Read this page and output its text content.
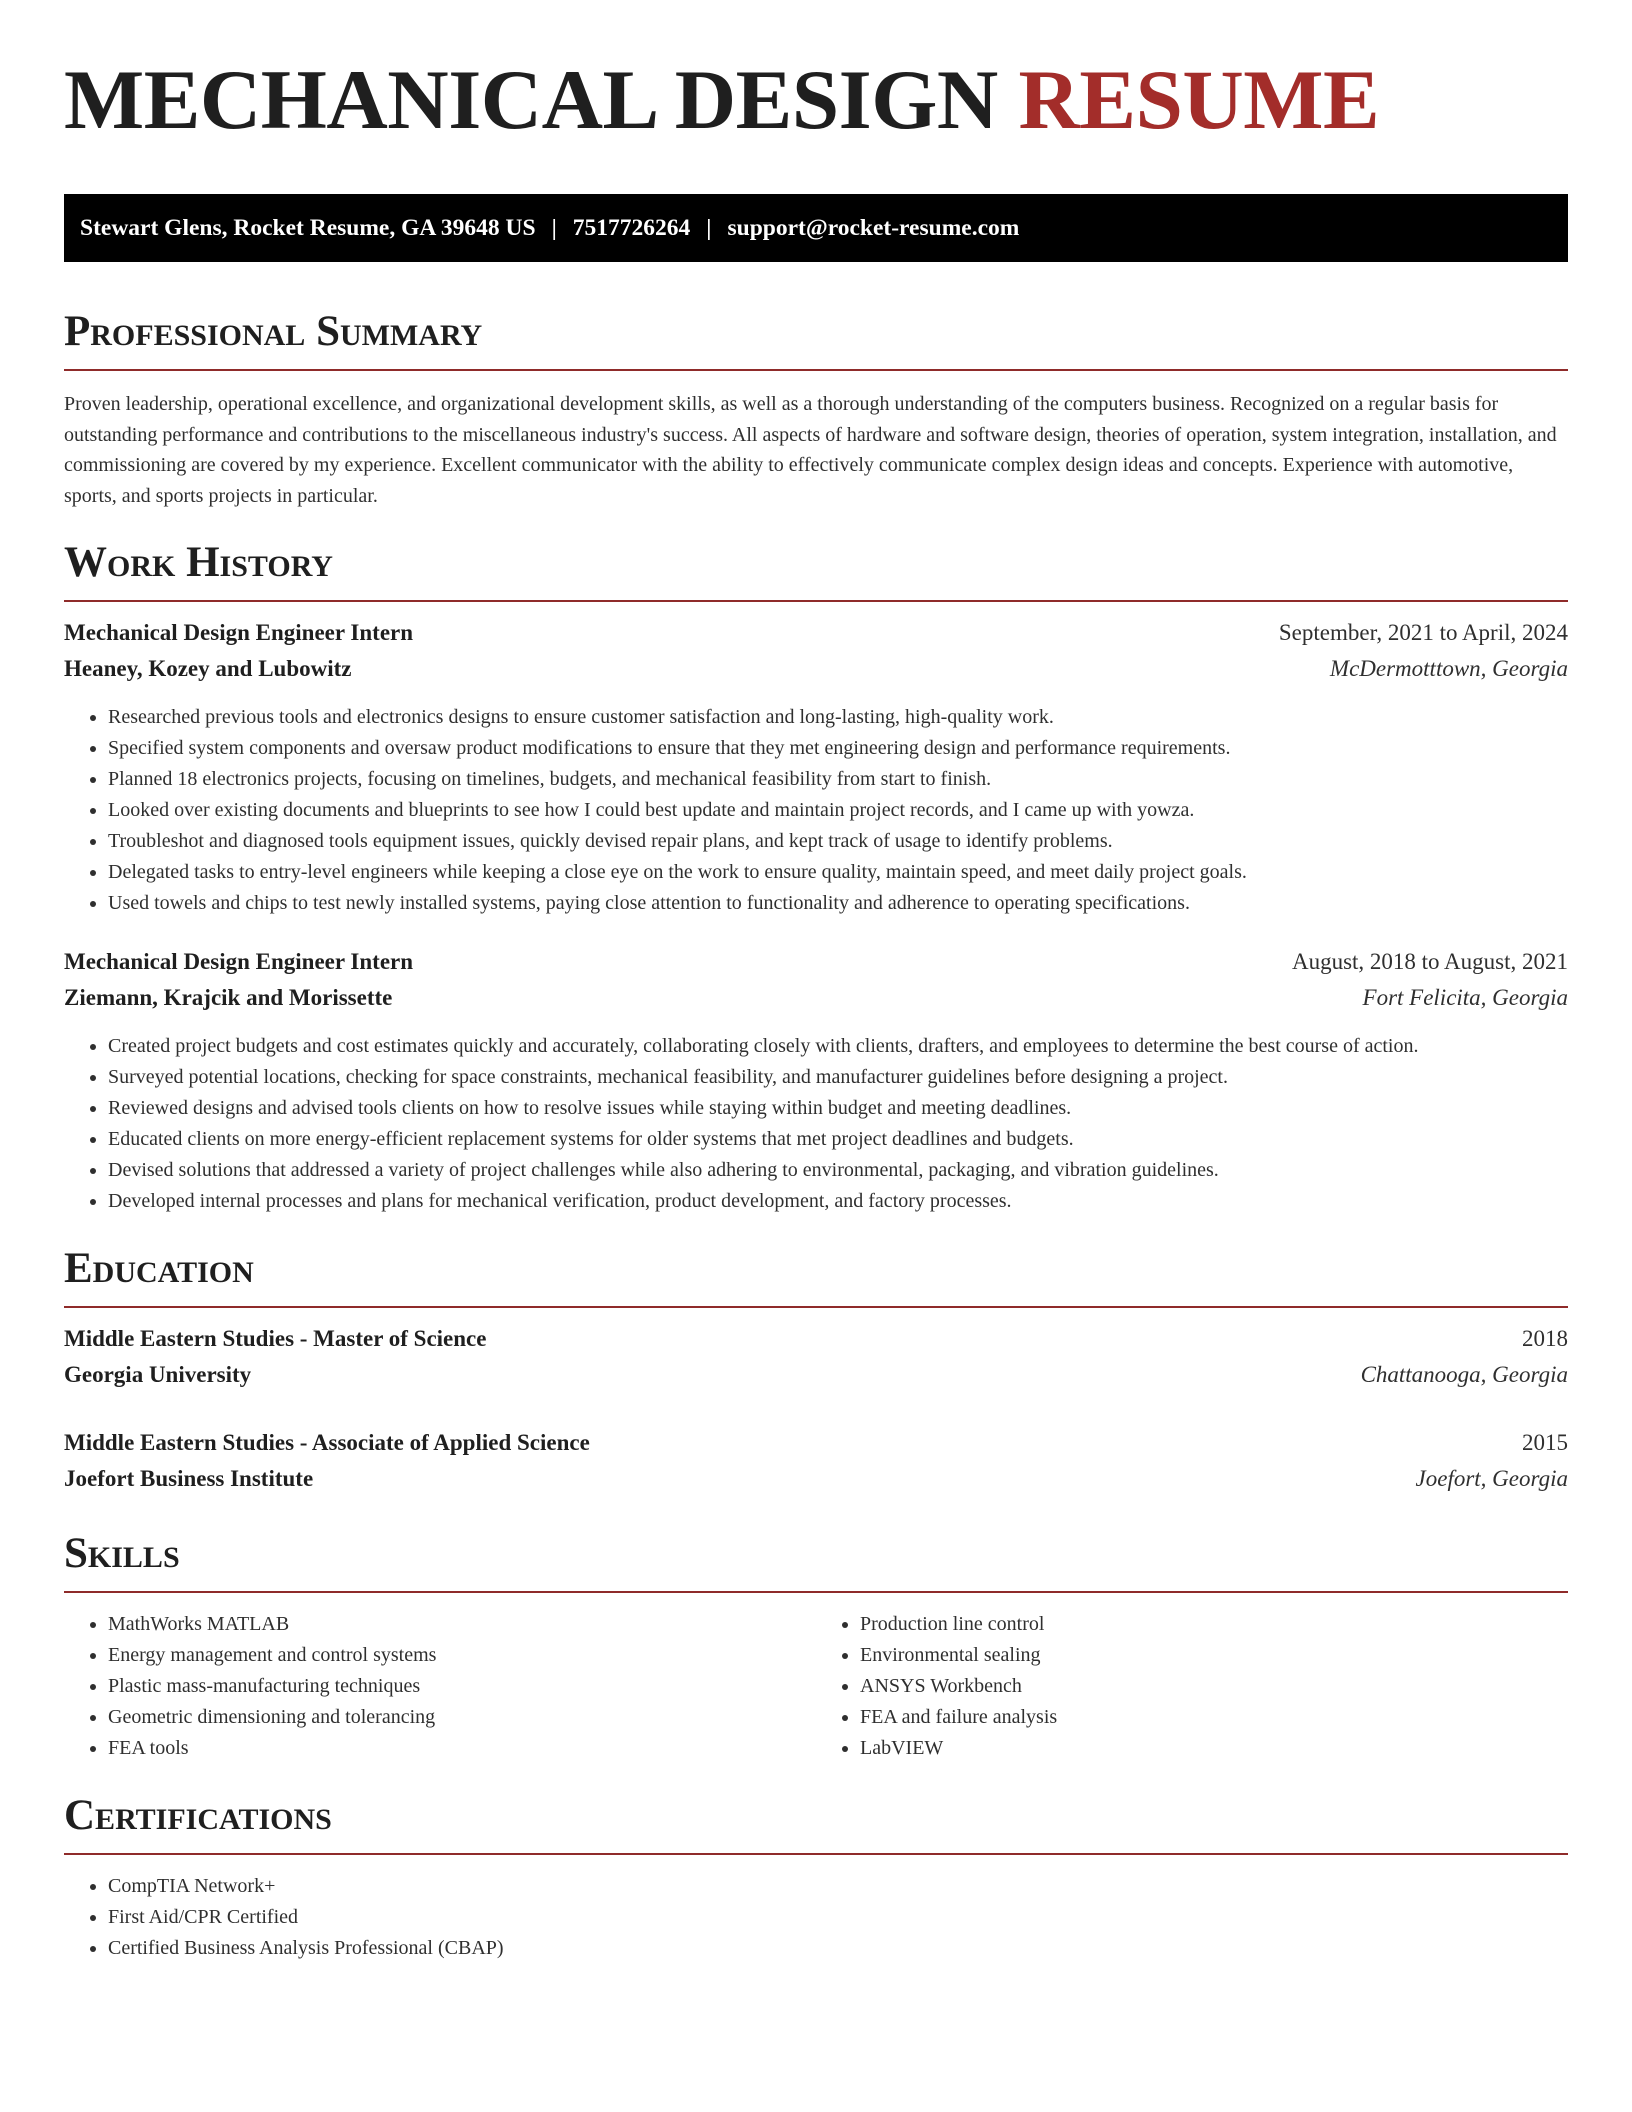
MECHANICAL DESIGN RESUME
Stewart Glens, Rocket Resume, GA 39648 US | 7517726264 | support@rocket-resume.com
Professional Summary

Proven leadership, operational excellence, and organizational development skills, as well as a thorough understanding of the computers business. Recognized on a regular basis for outstanding performance and contributions to the miscellaneous industry's success. All aspects of hardware and software design, theories of operation, system integration, installation, and commissioning are covered by my experience. Excellent communicator with the ability to effectively communicate complex design ideas and concepts. Experience with automotive, sports, and sports projects in particular.

Work History
Mechanical Design Engineer Intern	September, 2021 to April, 2024
Heaney, Kozey and Lubowitz	McDermotttown, Georgia
• Researched previous tools and electronics designs to ensure customer satisfaction and long-lasting, high-quality work.
• Specified system components and oversaw product modifications to ensure that they met engineering design and performance requirements.
• Planned 18 electronics projects, focusing on timelines, budgets, and mechanical feasibility from start to finish.
• Looked over existing documents and blueprints to see how I could best update and maintain project records, and I came up with yowza.
• Troubleshot and diagnosed tools equipment issues, quickly devised repair plans, and kept track of usage to identify problems.
• Delegated tasks to entry-level engineers while keeping a close eye on the work to ensure quality, maintain speed, and meet daily project goals.
• Used towels and chips to test newly installed systems, paying close attention to functionality and adherence to operating specifications.
Mechanical Design Engineer Intern	August, 2018 to August, 2021
Ziemann, Krajcik and Morissette	Fort Felicita, Georgia
• Created project budgets and cost estimates quickly and accurately, collaborating closely with clients, drafters, and employees to determine the best course of action.
• Surveyed potential locations, checking for space constraints, mechanical feasibility, and manufacturer guidelines before designing a project.
• Reviewed designs and advised tools clients on how to resolve issues while staying within budget and meeting deadlines.
• Educated clients on more energy-efficient replacement systems for older systems that met project deadlines and budgets.
• Devised solutions that addressed a variety of project challenges while also adhering to environmental, packaging, and vibration guidelines.
• Developed internal processes and plans for mechanical verification, product development, and factory processes.
Education
Middle Eastern Studies - Master of Science	2018
Georgia University	Chattanooga, Georgia
Middle Eastern Studies - Associate of Applied Science	2015
Joefort Business Institute	Joefort, Georgia
Skills
• MathWorks MATLAB
• Energy management and control systems
• Plastic mass-manufacturing techniques
• Geometric dimensioning and tolerancing
• FEA tools
• Production line control
• Environmental sealing
• ANSYS Workbench
• FEA and failure analysis
• LabVIEW
Certifications
• CompTIA Network+
• First Aid/CPR Certified
• Certified Business Analysis Professional (CBAP)
